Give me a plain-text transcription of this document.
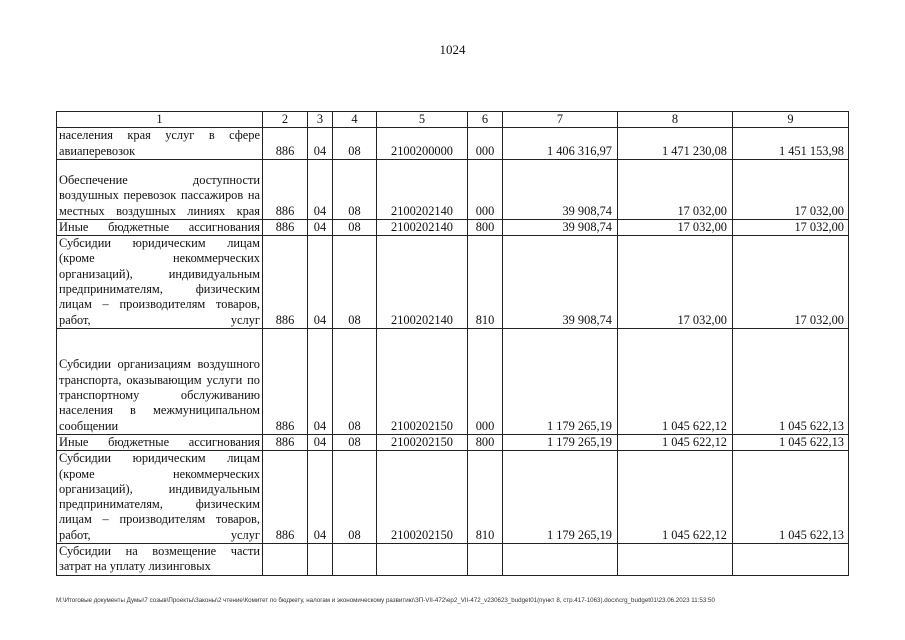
1024
1	2	3	4	5	6	7	8	9
населения края услуг в сфере авиаперевозок	886	04	08	2100200000	000	1 406 316,97	1 471 230,08	1 451 153,98
Обеспечение доступности воздушных перевозок пассажиров на местных воздушных линиях края	886	04	08	2100202140	000	39 908,74	17 032,00	17 032,00
Иные бюджетные ассигнования	886	04	08	2100202140	800	39 908,74	17 032,00	17 032,00
Субсидии юридическим лицам (кроме некоммерческих организаций), индивидуальным предпринимателям, физическим лицам – производителям товаров, работ, услуг	886	04	08	2100202140	810	39 908,74	17 032,00	17 032,00
Субсидии организациям воздушного транспорта, оказывающим услуги по транспортному обслуживанию населения в межмуниципальном сообщении	886	04	08	2100202150	000	1 179 265,19	1 045 622,12	1 045 622,13
Иные бюджетные ассигнования	886	04	08	2100202150	800	1 179 265,19	1 045 622,12	1 045 622,13
Субсидии юридическим лицам (кроме некоммерческих организаций), индивидуальным предпринимателям, физическим лицам – производителям товаров, работ, услуг	886	04	08	2100202150	810	1 179 265,19	1 045 622,12	1 045 622,13
Субсидии на возмещение части затрат на уплату лизинговых								
M:\Итоговые документы Думы\7 созыв\Проекты\Законы\2 чтение\Комитет по бюджету, налогам и экономическому развитию\ЗП-VII-472\ер2_VII-472_v230623_budget01(пункт 8, стр.417-1063).docx\crg_budget01\23.06.2023 11:53:50
